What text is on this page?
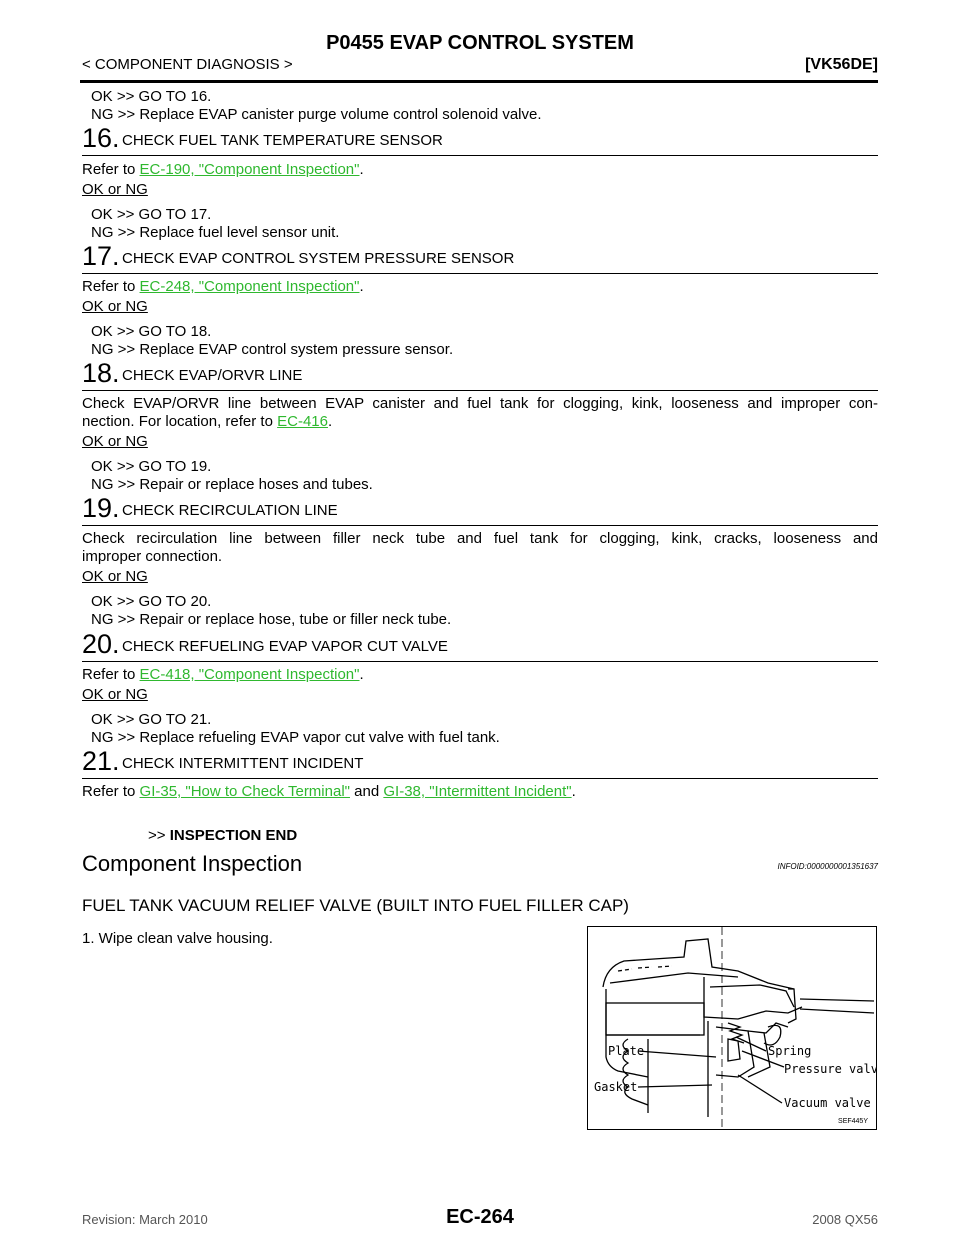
P0455 EVAP CONTROL SYSTEM
< COMPONENT DIAGNOSIS >	[VK56DE]
OK >> GO TO 16.
NG >> Replace EVAP canister purge volume control solenoid valve.
16. CHECK FUEL TANK TEMPERATURE SENSOR
Refer to EC-190, "Component Inspection".
OK or NG
OK >> GO TO 17.
NG >> Replace fuel level sensor unit.
17. CHECK EVAP CONTROL SYSTEM PRESSURE SENSOR
Refer to EC-248, "Component Inspection".
OK or NG
OK >> GO TO 18.
NG >> Replace EVAP control system pressure sensor.
18. CHECK EVAP/ORVR LINE
Check EVAP/ORVR line between EVAP canister and fuel tank for clogging, kink, looseness and improper con-
nection. For location, refer to EC-416.
OK or NG
OK >> GO TO 19.
NG >> Repair or replace hoses and tubes.
19. CHECK RECIRCULATION LINE
Check recirculation line between filler neck tube and fuel tank for clogging, kink, cracks, looseness and
improper connection.
OK or NG
OK >> GO TO 20.
NG >> Repair or replace hose, tube or filler neck tube.
20. CHECK REFUELING EVAP VAPOR CUT VALVE
Refer to EC-418, "Component Inspection".
OK or NG
OK >> GO TO 21.
NG >> Replace refueling EVAP vapor cut valve with fuel tank.
21. CHECK INTERMITTENT INCIDENT
Refer to GI-35, "How to Check Terminal" and GI-38, "Intermittent Incident".
>> INSPECTION END
Component Inspection	INFOID:0000000001351637
FUEL TANK VACUUM RELIEF VALVE (BUILT INTO FUEL FILLER CAP)
1. Wipe clean valve housing.
Plate
Gasket
Spring
Pressure valve
Vacuum valve
SEF445Y
Revision: March 2010	EC-264	2008 QX56
